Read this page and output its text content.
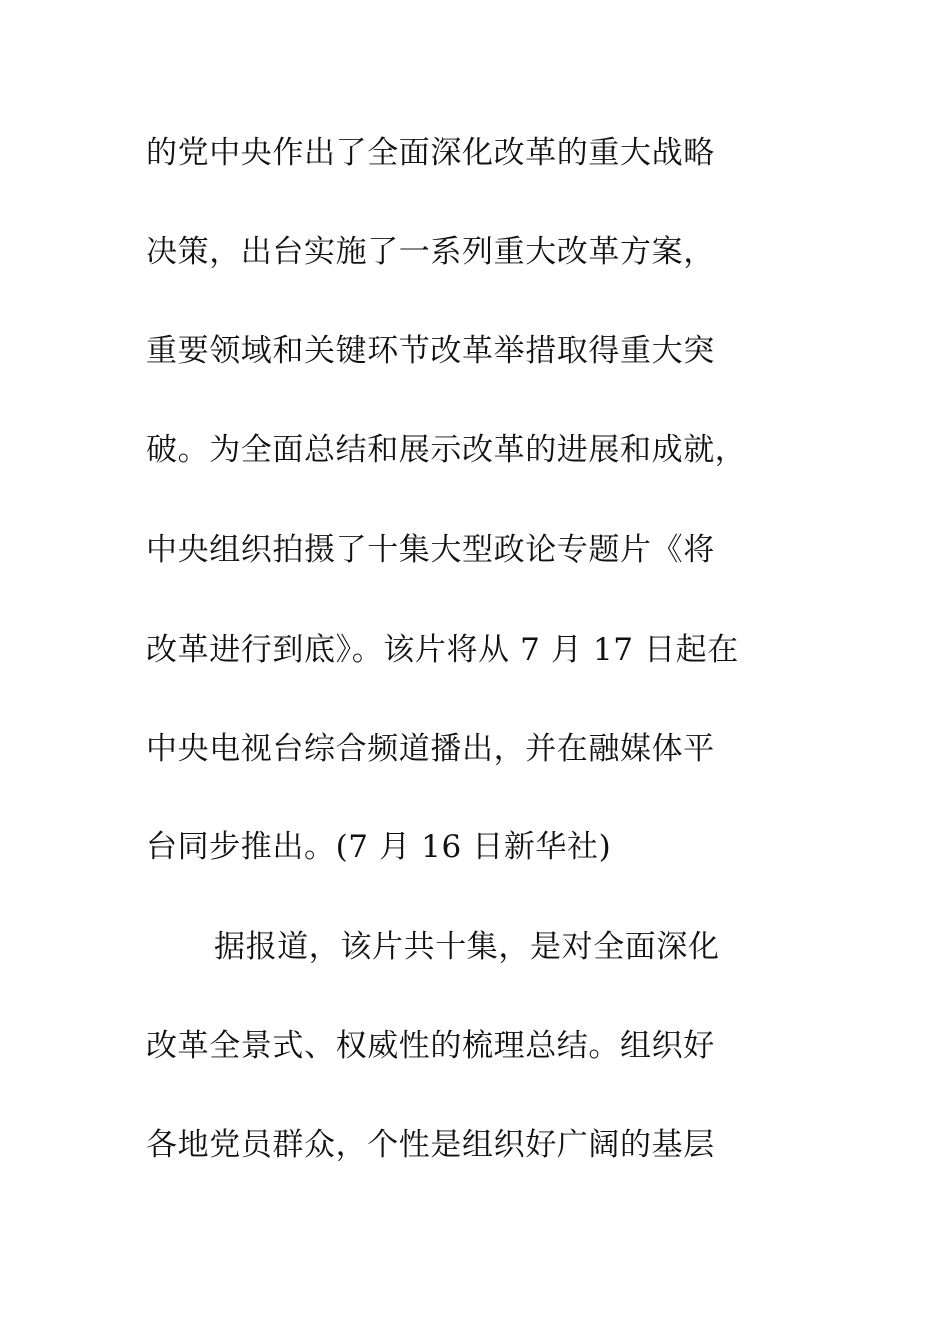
的党中央作出了全面深化改革的重大战略
决策，出台实施了一系列重大改革方案，
重要领域和关键环节改革举措取得重大突
破。为全面总结和展示改革的进展和成就，
中央组织拍摄了十集大型政论专题片《将
改革进行到底》。该片将从 7 月 17 日起在
中央电视台综合频道播出，并在融媒体平
台同步推出。(7 月 16 日新华社)
据报道，该片共十集，是对全面深化
改革全景式、权威性的梳理总结。组织好
各地党员群众，个性是组织好广阔的基层
